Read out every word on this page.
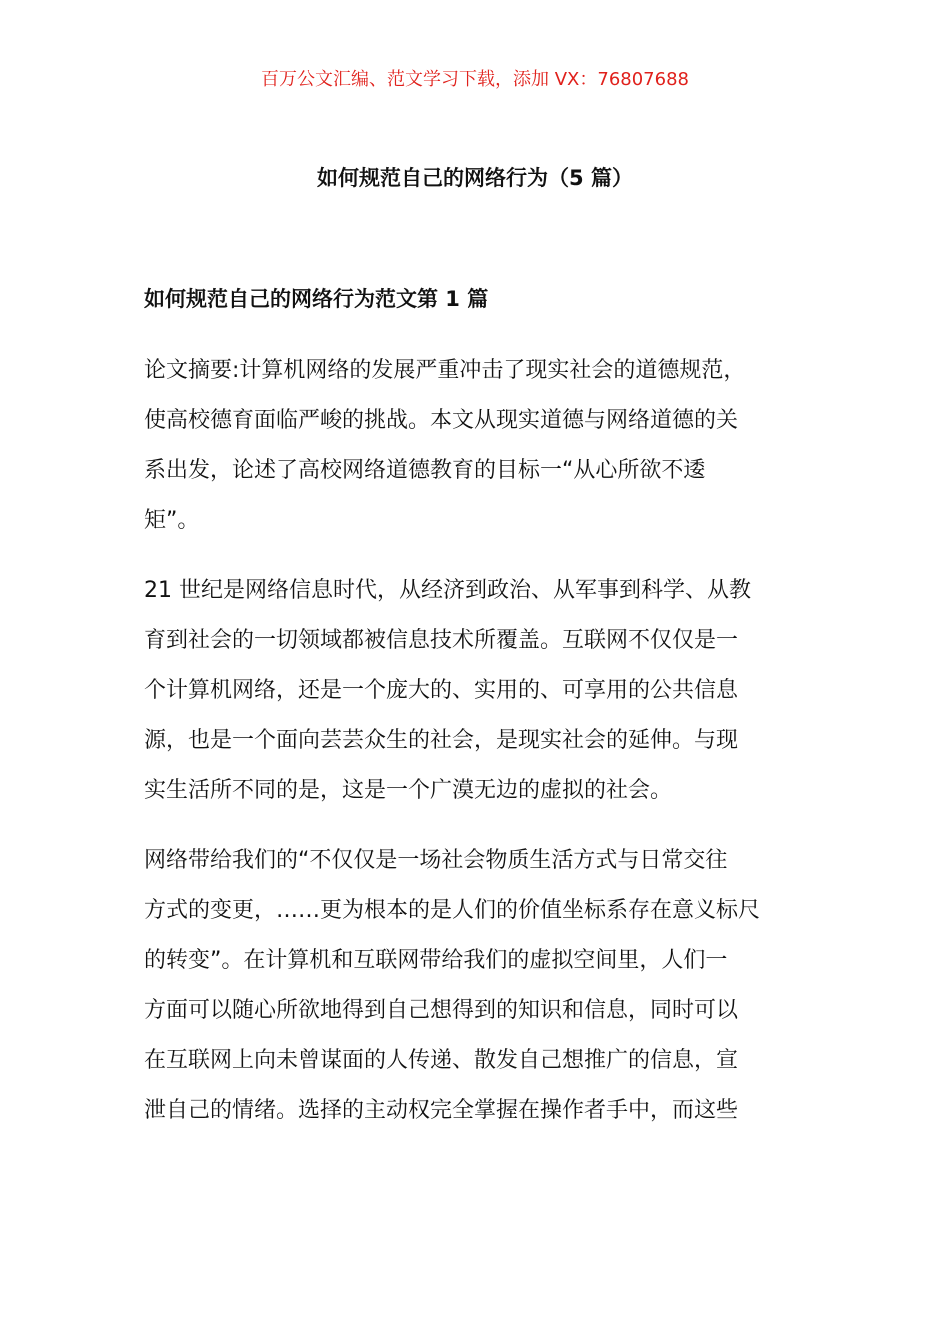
百万公文汇编、范文学习下载，添加 VX：76807688
如何规范自己的网络行为（5 篇）
如何规范自己的网络行为范文第 1 篇
论文摘要:计算机网络的发展严重冲击了现实社会的道德规范，
使高校德育面临严峻的挑战。本文从现实道德与网络道德的关
系出发，论述了高校网络道德教育的目标一“从心所欲不逶
矩”。
21 世纪是网络信息时代，从经济到政治、从军事到科学、从教
育到社会的一切领域都被信息技术所覆盖。互联网不仅仅是一
个计算机网络，还是一个庞大的、实用的、可享用的公共信息
源，也是一个面向芸芸众生的社会，是现实社会的延伸。与现
实生活所不同的是，这是一个广漠无边的虚拟的社会。
网络带给我们的“不仅仅是一场社会物质生活方式与日常交往
方式的变更，……更为根本的是人们的价值坐标系存在意义标尺
的转变”。在计算机和互联网带给我们的虚拟空间里，人们一
方面可以随心所欲地得到自己想得到的知识和信息，同时可以
在互联网上向未曾谋面的人传递、散发自己想推广的信息，宣
泄自己的情绪。选择的主动权完全掌握在操作者手中，而这些
